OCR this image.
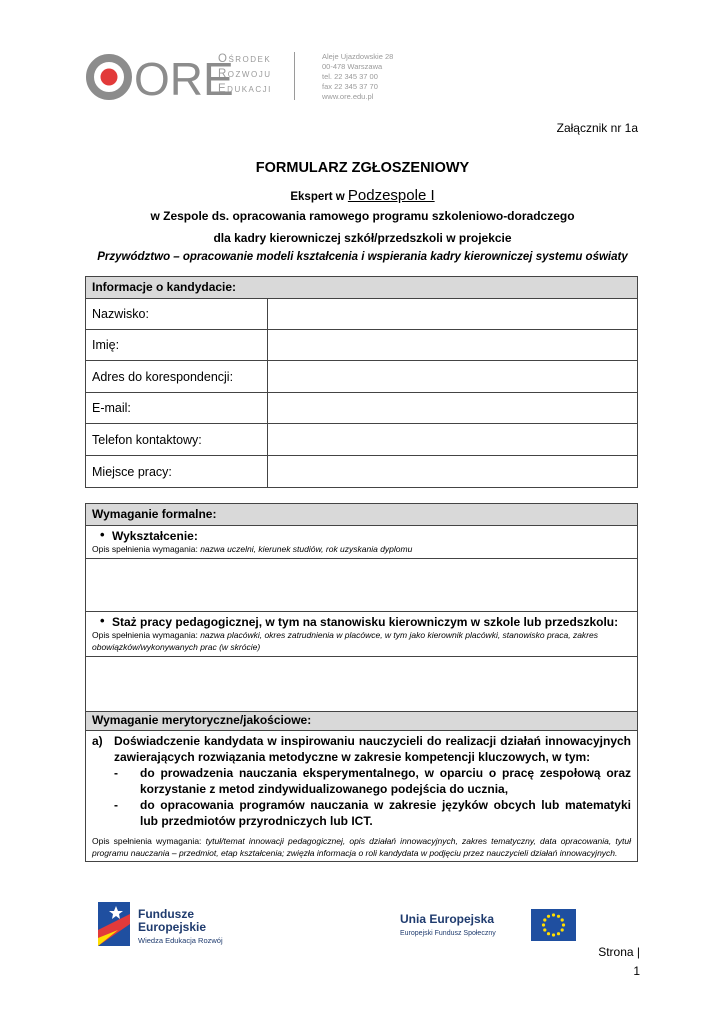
ORE
Ośrodek
Rozwoju
Edukacji
Aleje Ujazdowskie 28
00-478 Warszawa
tel. 22 345 37 00
fax 22 345 37 70
www.ore.edu.pl
Załącznik nr 1a
FORMULARZ ZGŁOSZENIOWY
Ekspert w Podzespole I
w Zespole ds. opracowania ramowego programu szkoleniowo-doradczego
dla kadry kierowniczej szkół/przedszkoli w projekcie
Przywództwo – opracowanie modeli kształcenia i wspierania kadry kierowniczej systemu oświaty
Informacje o kandydacie:
Nazwisko:
Imię:
Adres do korespondencji:
E-mail:
Telefon kontaktowy:
Miejsce pracy:
Wymaganie formalne:
• Wykształcenie:
Opis spełnienia wymagania: nazwa uczelni, kierunek studiów, rok uzyskania dyplomu
• Staż pracy pedagogicznej, w tym na stanowisku kierowniczym w szkole lub przedszkolu:
Opis spełnienia wymagania: nazwa placówki, okres zatrudnienia w placówce, w tym jako kierownik placówki, stanowisko praca, zakres obowiązków/wykonywanych prac (w skrócie)
Wymaganie merytoryczne/jakościowe:
a) Doświadczenie kandydata w inspirowaniu nauczycieli do realizacji działań innowacyjnych zawierających rozwiązania metodyczne w zakresie kompetencji kluczowych, w tym:
-	do prowadzenia nauczania eksperymentalnego, w oparciu o pracę zespołową oraz korzystanie z metod zindywidualizowanego podejścia do ucznia,
-	do opracowania programów nauczania w zakresie języków obcych lub matematyki lub przedmiotów przyrodniczych lub ICT.
Opis spełnienia wymagania: tytuł/temat innowacji pedagogicznej, opis działań innowacyjnych, zakres tematyczny, data opracowania, tytuł programu nauczania – przedmiot, etap kształcenia; zwięzła informacja o roli kandydata w podjęciu przez nauczycieli działań innowacyjnych.
Fundusze
Europejskie
Wiedza Edukacja Rozwój
Unia Europejska
Europejski Fundusz Społeczny
Strona |
1
